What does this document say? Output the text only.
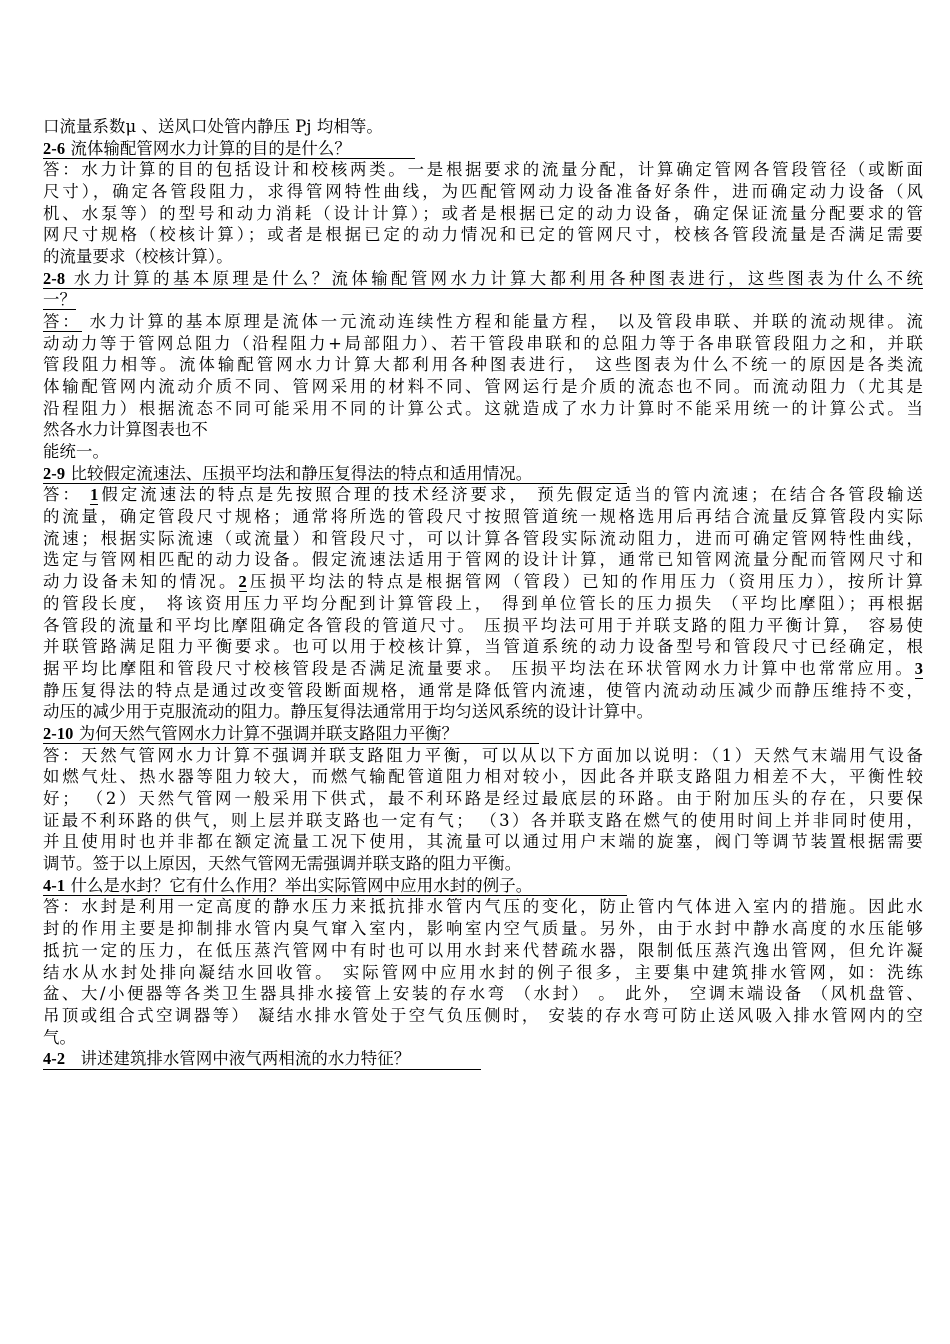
口流量系数μ 、送风口处管内静压 Pj 均相等。
2-6 流体输配管网水力计算的目的是什么？
答：水力计算的目的包括设计和校核两类。一是根据要求的流量分配，计算确定管网各管段管径（或断面
尺寸），确定各管段阻力，求得管网特性曲线，为匹配管网动力设备准备好条件，进而确定动力设备（风
机、水泵等）的型号和动力消耗（设计计算）；或者是根据已定的动力设备，确定保证流量分配要求的管
网尺寸规格（校核计算）；或者是根据已定的动力情况和已定的管网尺寸，校核各管段流量是否满足需要
的流量要求（校核计算）。
2-8 水力计算的基本原理是什么？流体输配管网水力计算大都利用各种图表进行，这些图表为什么不统
一？
答： 水力计算的基本原理是流体一元流动连续性方程和能量方程， 以及管段串联、并联的流动规律。流
动动力等于管网总阻力（沿程阻力+局部阻力）、若干管段串联和的总阻力等于各串联管段阻力之和，并联
管段阻力相等。流体输配管网水力计算大都利用各种图表进行， 这些图表为什么不统一的原因是各类流
体输配管网内流动介质不同、管网采用的材料不同、管网运行是介质的流态也不同。而流动阻力（尤其是
沿程阻力）根据流态不同可能采用不同的计算公式。这就造成了水力计算时不能采用统一的计算公式。当
然各水力计算图表也不
能统一。
2-9 比较假定流速法、压损平均法和静压复得法的特点和适用情况。
答： 1假定流速法的特点是先按照合理的技术经济要求， 预先假定适当的管内流速；在结合各管段输送
的流量，确定管段尺寸规格；通常将所选的管段尺寸按照管道统一规格选用后再结合流量反算管段内实际
流速；根据实际流速（或流量）和管段尺寸，可以计算各管段实际流动阻力，进而可确定管网特性曲线，
选定与管网相匹配的动力设备。假定流速法适用于管网的设计计算，通常已知管网流量分配而管网尺寸和
动力设备未知的情况。2压损平均法的特点是根据管网（管段）已知的作用压力（资用压力），按所计算
的管段长度， 将该资用压力平均分配到计算管段上， 得到单位管长的压力损失 （平均比摩阻）；再根据
各管段的流量和平均比摩阻确定各管段的管道尺寸。 压损平均法可用于并联支路的阻力平衡计算， 容易使
并联管路满足阻力平衡要求。也可以用于校核计算，当管道系统的动力设备型号和管段尺寸已经确定，根
据平均比摩阻和管段尺寸校核管段是否满足流量要求。 压损平均法在环状管网水力计算中也常常应用。3
静压复得法的特点是通过改变管段断面规格，通常是降低管内流速，使管内流动动压减少而静压维持不变，
动压的减少用于克服流动的阻力。静压复得法通常用于均匀送风系统的设计计算中。
2-10 为何天然气管网水力计算不强调并联支路阻力平衡？
答：天然气管网水力计算不强调并联支路阻力平衡，可以从以下方面加以说明：（1）天然气末端用气设备
如燃气灶、热水器等阻力较大，而燃气输配管道阻力相对较小，因此各并联支路阻力相差不大，平衡性较
好； （2）天然气管网一般采用下供式，最不利环路是经过最底层的环路。由于附加压头的存在，只要保
证最不利环路的供气，则上层并联支路也一定有气； （3）各并联支路在燃气的使用时间上并非同时使用，
并且使用时也并非都在额定流量工况下使用，其流量可以通过用户末端的旋塞，阀门等调节装置根据需要
调节。签于以上原因，天然气管网无需强调并联支路的阻力平衡。
4-1 什么是水封？它有什么作用？举出实际管网中应用水封的例子。
答：水封是利用一定高度的静水压力来抵抗排水管内气压的变化，防止管内气体进入室内的措施。因此水
封的作用主要是抑制排水管内臭气窜入室内，影响室内空气质量。另外，由于水封中静水高度的水压能够
抵抗一定的压力，在低压蒸汽管网中有时也可以用水封来代替疏水器，限制低压蒸汽逸出管网，但允许凝
结水从水封处排向凝结水回收管。 实际管网中应用水封的例子很多，主要集中建筑排水管网，如：洗练
盆、大/小便器等各类卫生器具排水接管上安装的存水弯 （水封） 。 此外， 空调末端设备 （风机盘管、
吊顶或组合式空调器等） 凝结水排水管处于空气负压侧时， 安装的存水弯可防止送风吸入排水管网内的空
气。
4-2 讲述建筑排水管网中液气两相流的水力特征？
